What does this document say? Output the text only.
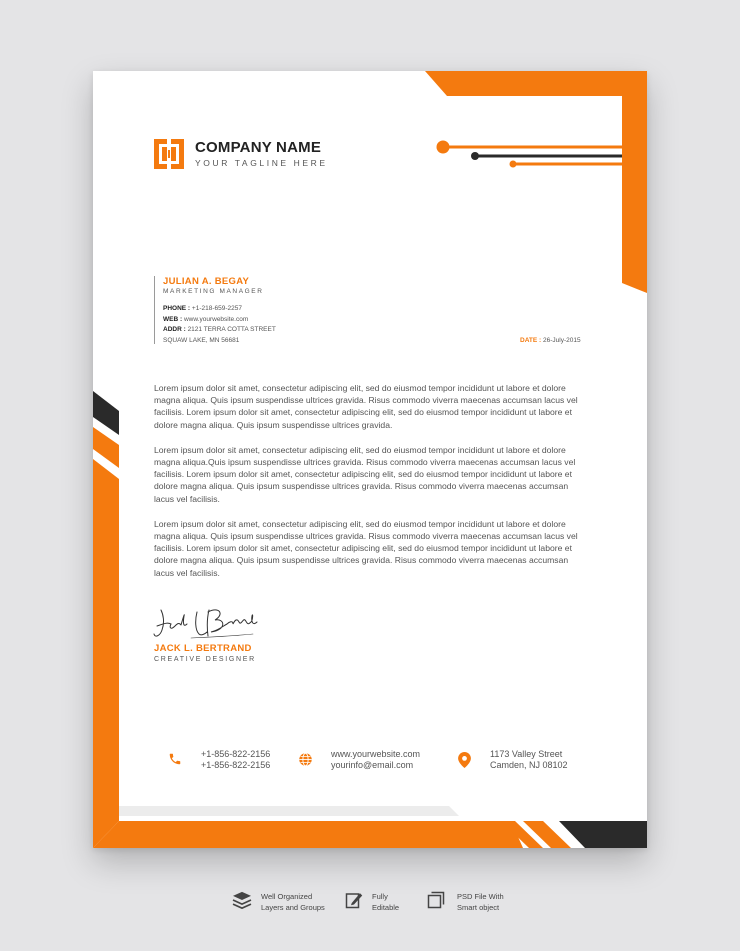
COMPANY NAME
YOUR TAGLINE HERE
JULIAN A. BEGAY
MARKETING MANAGER
PHONE : +1-218-659-2257
WEB : www.yourwebsite.com
ADDR : 2121 TERRA COTTA STREET
SQUAW LAKE, MN 56681	DATE : 26-July-2015

Lorem ipsum dolor sit amet, consectetur adipiscing elit, sed do eiusmod tempor incididunt ut labore et dolore magna aliqua. Quis ipsum suspendisse ultrices gravida. Risus commodo viverra maecenas accumsan lacus vel facilisis. Lorem ipsum dolor sit amet, consectetur adipiscing elit, sed do eiusmod tempor incididunt ut labore et dolore magna aliqua. Quis ipsum suspendisse ultrices gravida.

Lorem ipsum dolor sit amet, consectetur adipiscing elit, sed do eiusmod tempor incididunt ut labore et dolore magna aliqua.Quis ipsum suspendisse ultrices gravida. Risus commodo viverra maecenas accumsan lacus vel facilisis. Lorem ipsum dolor sit amet, consectetur adipiscing elit, sed do eiusmod tempor incididunt ut labore et dolore magna aliqua. Quis ipsum suspendisse ultrices gravida. Risus commodo viverra maecenas accumsan lacus vel facilisis.

Lorem ipsum dolor sit amet, consectetur adipiscing elit, sed do eiusmod tempor incididunt ut labore et dolore magna aliqua. Quis ipsum suspendisse ultrices gravida. Risus commodo viverra maecenas accumsan lacus vel facilisis. Lorem ipsum dolor sit amet, consectetur adipiscing elit, sed do eiusmod tempor incididunt ut labore et dolore magna aliqua. Quis ipsum suspendisse ultrices gravida. Risus commodo viverra maecenas accumsan lacus vel facilisis.

JACK L. BERTRAND
CREATIVE DESIGNER
+1-856-822-2156
+1-856-822-2156
www.yourwebsite.com
yourinfo@email.com
1173 Valley Street
Camden, NJ 08102
Well Organized
Layers and Groups
Fully
Editable
PSD File With
Smart object
